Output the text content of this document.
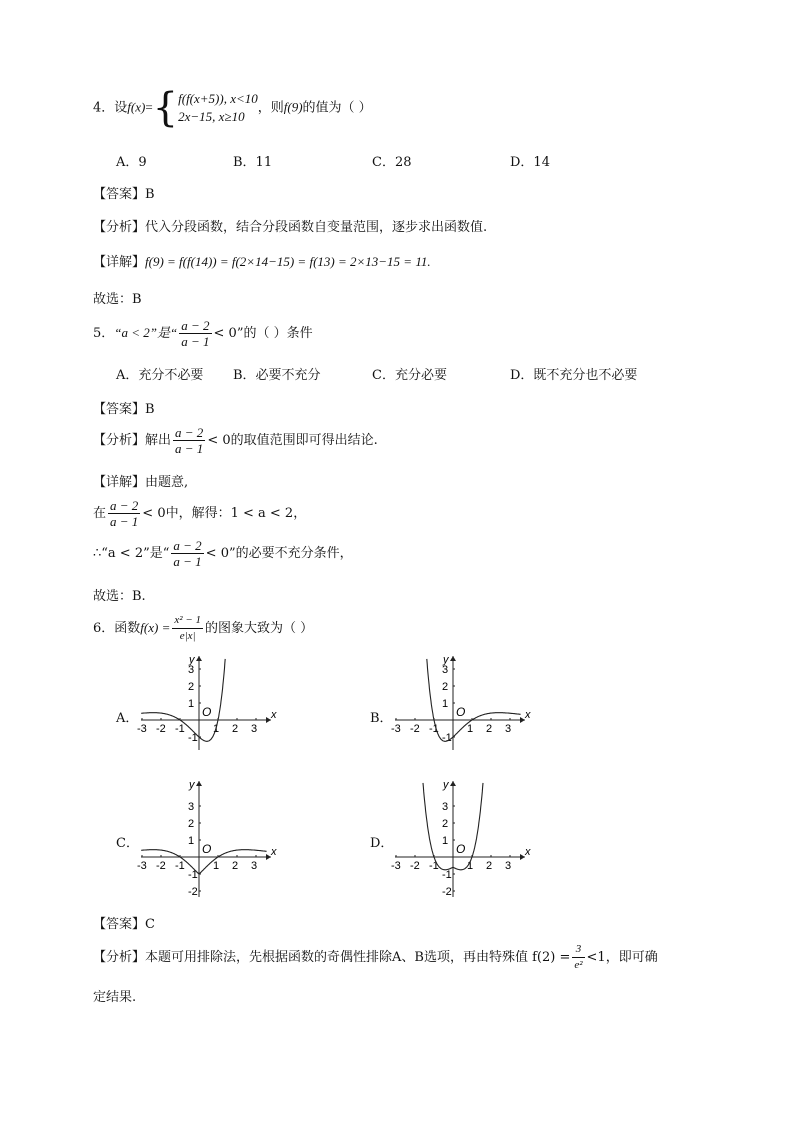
4．设f(x)={ f(f(x+5)), x<10
2x−15, x≥10
，则f(9)的值为（ ）
A．9	B．11	C．28	D．14
【答案】B
【分析】代入分段函数，结合分段函数自变量范围，逐步求出函数值.
【详解】f(9) = f(f(14)) = f(2×14−15) = f(13) = 2×13−15 = 11.
故选：B
5．“a < 2”是“ $\frac{a - 2}{a - 1} < 0$”的（ ）条件
A．充分不必要 B．必要不充分	C．充分必要	D．既不充分也不必要
【答案】B
【分析】解出 $\frac{a - 2}{a - 1} < 0$的取值范围即可得出结论.
【详解】由题意,
在 $\frac{a - 2}{a - 1} < 0$中，解得：1 < a < 2，
∴“a < 2”是“ $\frac{a - 2}{a - 1} < 0$”的必要不充分条件，
故选：B.
6．函数$f(x) = \frac{\text{x² − 1}}{e|x|}$ 的图象大致为（ ）
A．	B．
C．	D．
x
y
O
-3 -2 -1	1 2 3
3
2
1
-1
x
y
O
-3 -2 -1	1 2 3
3
2
1
-1
x
y
O
-3 -2 -1	1 2 3
3
2
1
-1
-2
x
y
O
-3 -2 -1	1 2 3
3
2
1
-1
-2
【答案】C
【分析】本题可用排除法，先根据函数的奇偶性排除A、B选项，再由特殊值 $f(2) = \frac{3}{\text{e²}} <1$，即可确
定结果.
